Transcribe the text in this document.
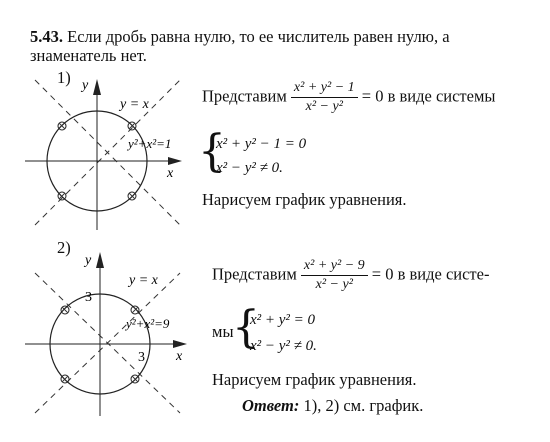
5.43. Если дробь равна нулю, то ее числитель равен нулю, а
знаменатель нет.
1) y
x
y = x
y²+x²=1
Представим $\frac{\text{x² + y² − 1}}{\text{x² − y²}} = 0$ в виде системы
{
x² + y² − 1 = 0
x² − y² ≠ 0.
Нарисуем график уравнения.
2)
y
x
y = x
y²+x²=9
3
3
Представим $\frac{\text{x² + y² − 9}}{\text{x² − y²}} = 0$ в виде систе-
мы
{
x² + y² = 0
x² − y² ≠ 0.
Нарисуем график уравнения.
Ответ: 1), 2) см. график.
